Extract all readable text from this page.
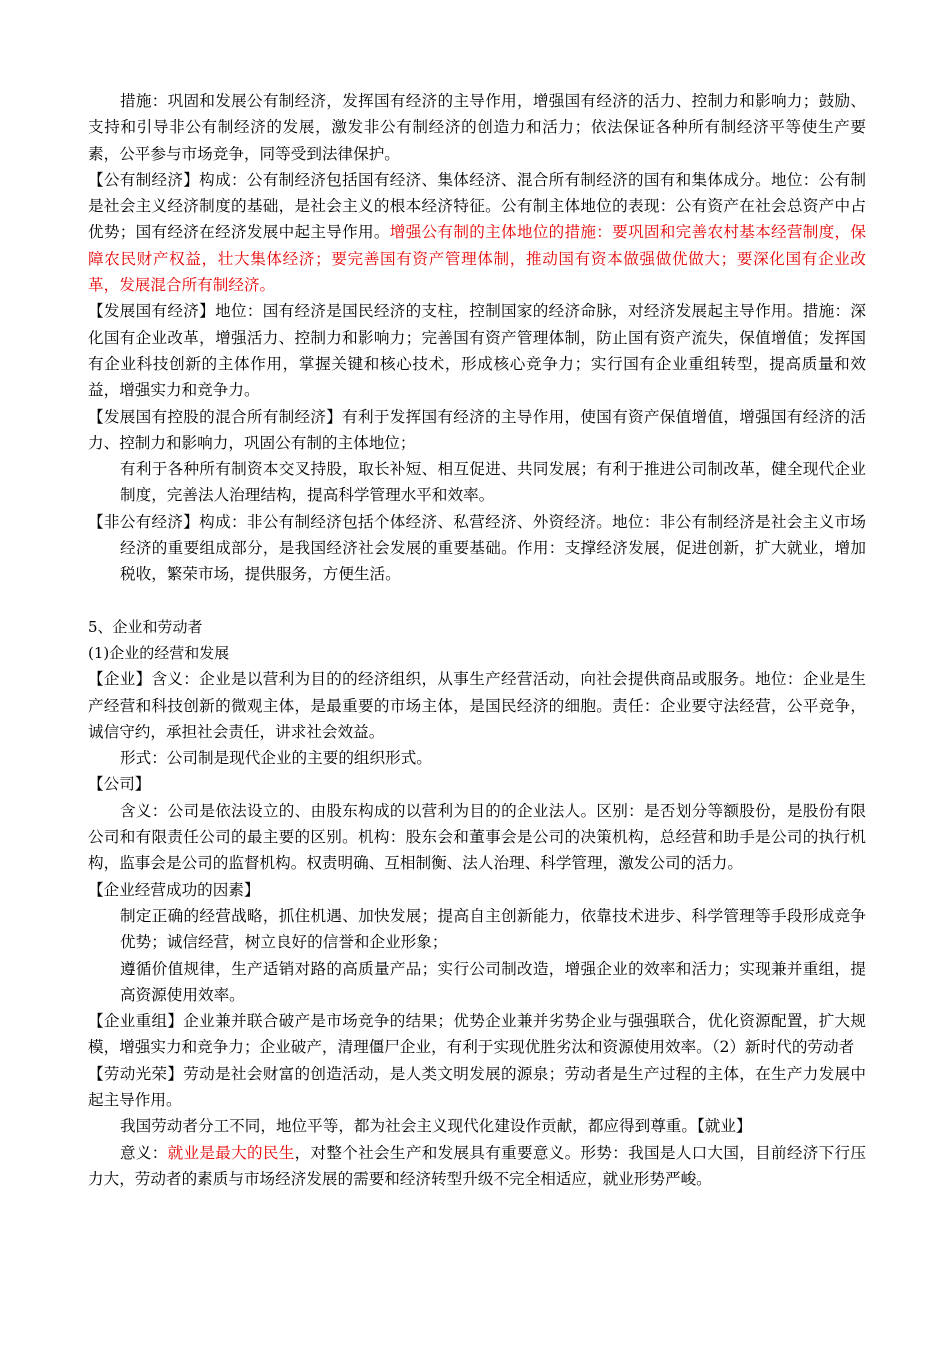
措施：巩固和发展公有制经济，发挥国有经济的主导作用，增强国有经济的活力、控制力和影响力；鼓励、支持和引导非公有制经济的发展，激发非公有制经济的创造力和活力；依法保证各种所有制经济平等使生产要素，公平参与市场竞争，同等受到法律保护。

【公有制经济】构成：公有制经济包括国有经济、集体经济、混合所有制经济的国有和集体成分。地位：公有制是社会主义经济制度的基础，是社会主义的根本经济特征。公有制主体地位的表现：公有资产在社会总资产中占优势；国有经济在经济发展中起主导作用。增强公有制的主体地位的措施：要巩固和完善农村基本经营制度，保障农民财产权益，壮大集体经济；要完善国有资产管理体制，推动国有资本做强做优做大；要深化国有企业改革，发展混合所有制经济。

【发展国有经济】地位：国有经济是国民经济的支柱，控制国家的经济命脉，对经济发展起主导作用。措施：深化国有企业改革，增强活力、控制力和影响力；完善国有资产管理体制，防止国有资产流失，保值增值；发挥国有企业科技创新的主体作用，掌握关键和核心技术，形成核心竞争力；实行国有企业重组转型，提高质量和效益，增强实力和竞争力。

【发展国有控股的混合所有制经济】有利于发挥国有经济的主导作用，使国有资产保值增值，增强国有经济的活力、控制力和影响力，巩固公有制的主体地位；

有利于各种所有制资本交叉持股，取长补短、相互促进、共同发展；有利于推进公司制改革，健全现代企业制度，完善法人治理结构，提高科学管理水平和效率。

【非公有经济】构成：非公有制经济包括个体经济、私营经济、外资经济。地位：非公有制经济是社会主义市场经济的重要组成部分，是我国经济社会发展的重要基础。作用：支撑经济发展，促进创新，扩大就业，增加税收，繁荣市场，提供服务，方便生活。

5、企业和劳动者

(1)企业的经营和发展

【企业】含义：企业是以营利为目的的经济组织，从事生产经营活动，向社会提供商品或服务。地位：企业是生产经营和科技创新的微观主体，是最重要的市场主体，是国民经济的细胞。责任：企业要守法经营，公平竞争，诚信守约，承担社会责任，讲求社会效益。

形式：公司制是现代企业的主要的组织形式。

【公司】

含义：公司是依法设立的、由股东构成的以营利为目的的企业法人。区别：是否划分等额股份，是股份有限公司和有限责任公司的最主要的区别。机构：股东会和董事会是公司的决策机构，总经营和助手是公司的执行机构，监事会是公司的监督机构。权责明确、互相制衡、法人治理、科学管理，激发公司的活力。

【企业经营成功的因素】

制定正确的经营战略，抓住机遇、加快发展；提高自主创新能力，依靠技术进步、科学管理等手段形成竞争优势；诚信经营，树立良好的信誉和企业形象；

遵循价值规律，生产适销对路的高质量产品；实行公司制改造，增强企业的效率和活力；实现兼并重组，提高资源使用效率。

【企业重组】企业兼并联合破产是市场竞争的结果；优势企业兼并劣势企业与强强联合，优化资源配置，扩大规模，增强实力和竞争力；企业破产，清理僵尸企业，有利于实现优胜劣汰和资源使用效率。（2）新时代的劳动者

【劳动光荣】劳动是社会财富的创造活动，是人类文明发展的源泉；劳动者是生产过程的主体，在生产力发展中起主导作用。

我国劳动者分工不同，地位平等，都为社会主义现代化建设作贡献，都应得到尊重。【就业】

意义：就业是最大的民生，对整个社会生产和发展具有重要意义。形势：我国是人口大国，目前经济下行压力大，劳动者的素质与市场经济发展的需要和经济转型升级不完全相适应，就业形势严峻。
